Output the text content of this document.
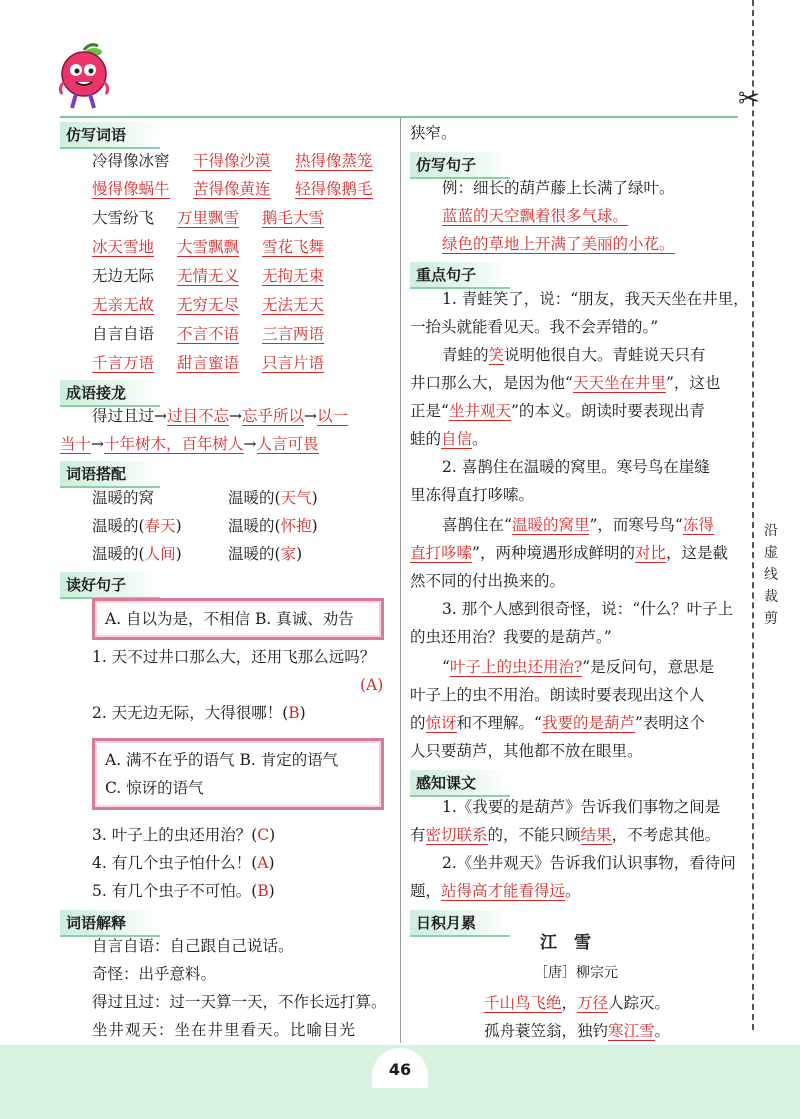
✂
沿
虚
线
裁
剪
仿写词语
冷得像冰窖 干得像沙漠 热得像蒸笼
慢得像蜗牛 苦得像黄连 轻得像鹅毛
大雪纷飞 万里飘雪 鹅毛大雪
冰天雪地 大雪飘飘 雪花飞舞
无边无际 无情无义 无拘无束
无亲无故 无穷无尽 无法无天
自言自语 不言不语 三言两语
千言万语 甜言蜜语 只言片语
成语接龙
得过且过→过目不忘→忘乎所以→以一
当十→十年树木，百年树人→人言可畏
词语搭配
温暖的窝	温暖的(天气)
温暖的(春天)	温暖的(怀抱)
温暖的(人间)	温暖的(家)
读好句子
A. 自以为是，不相信 B. 真诚、劝告
1. 天不过井口那么大，还用飞那么远吗？
(A)
2. 天无边无际，大得很哪！(B)
A. 满不在乎的语气 B. 肯定的语气
C. 惊讶的语气
3. 叶子上的虫还用治？(C)
4. 有几个虫子怕什么！(A)
5. 有几个虫子不可怕。(B)
词语解释
自言自语：自己跟自己说话。
奇怪：出乎意料。
得过且过：过一天算一天，不作长远打算。
坐井观天：坐在井里看天。比喻目光
狭窄。
仿写句子
例：细长的葫芦藤上长满了绿叶。
蓝蓝的天空飘着很多气球。
绿色的草地上开满了美丽的小花。
重点句子
1. 青蛙笑了，说：“朋友，我天天坐在井里，
一抬头就能看见天。我不会弄错的。”
青蛙的笑说明他很自大。青蛙说天只有
井口那么大，是因为他“天天坐在井里”，这也
正是“坐井观天”的本义。朗读时要表现出青
蛙的自信。
2. 喜鹊住在温暖的窝里。寒号鸟在崖缝
里冻得直打哆嗦。
喜鹊住在“温暖的窝里”，而寒号鸟“冻得
直打哆嗦”，两种境遇形成鲜明的对比，这是截
然不同的付出换来的。
3. 那个人感到很奇怪，说：“什么？叶子上
的虫还用治？我要的是葫芦。”
“叶子上的虫还用治?”是反问句，意思是
叶子上的虫不用治。朗读时要表现出这个人
的惊讶和不理解。“我要的是葫芦”表明这个
人只要葫芦，其他都不放在眼里。
感知课文
1.《我要的是葫芦》告诉我们事物之间是
有密切联系的，不能只顾结果，不考虑其他。
2.《坐井观天》告诉我们认识事物，看待问
题，站得高才能看得远。
日积月累
江　雪
［唐］柳宗元
千山鸟飞绝，万径人踪灭。
孤舟蓑笠翁，独钓寒江雪。
46
